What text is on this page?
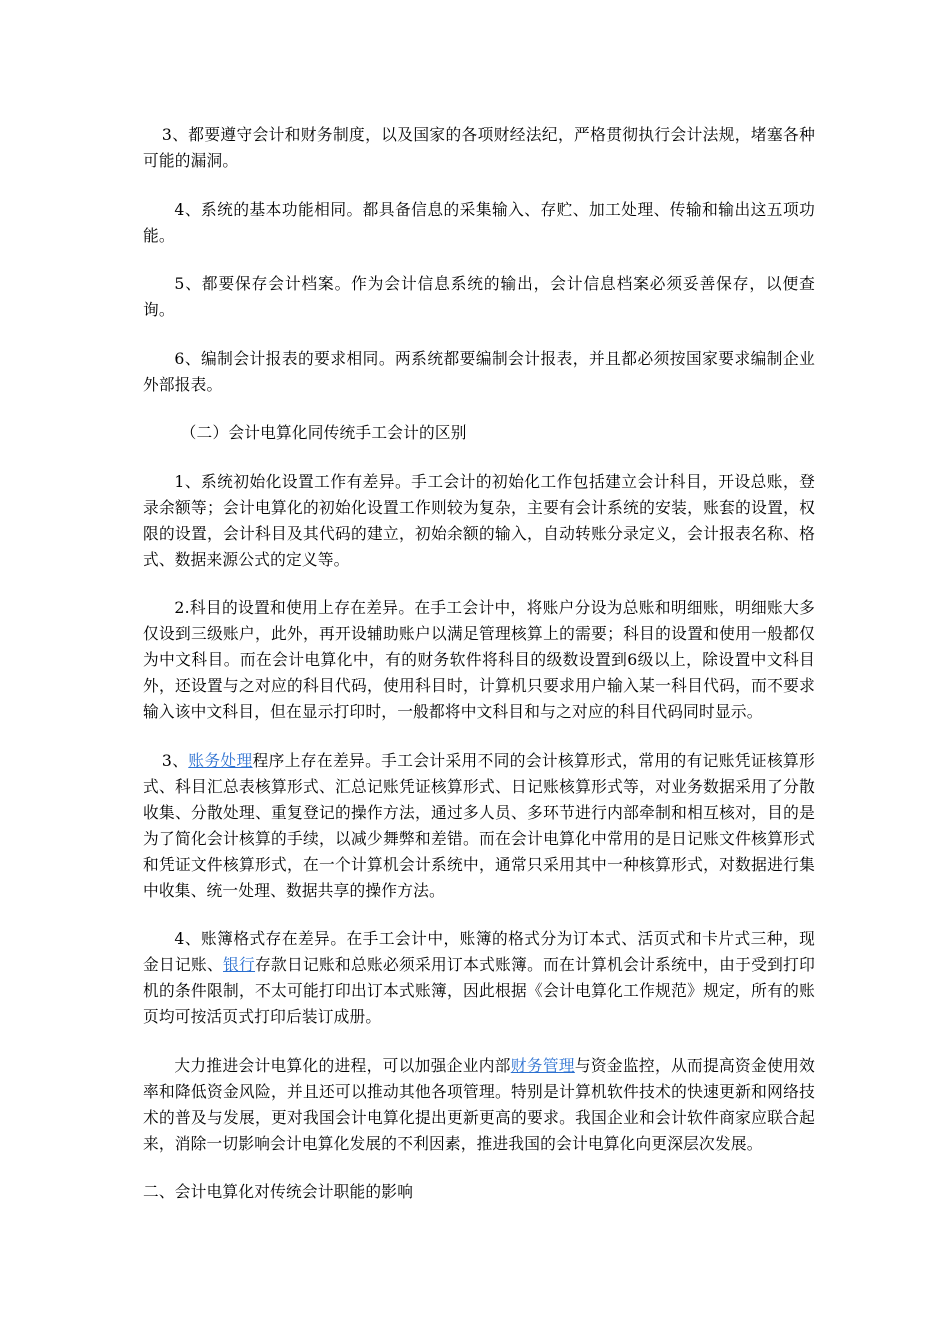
3、都要遵守会计和财务制度，以及国家的各项财经法纪，严格贯彻执行会计法规，堵塞各种可能的漏洞。

4、系统的基本功能相同。都具备信息的采集输入、存贮、加工处理、传输和输出这五项功能。

5、都要保存会计档案。作为会计信息系统的输出，会计信息档案必须妥善保存，以便查询。

6、编制会计报表的要求相同。两系统都要编制会计报表，并且都必须按国家要求编制企业外部报表。

（二）会计电算化同传统手工会计的区别

1、系统初始化设置工作有差异。手工会计的初始化工作包括建立会计科目，开设总账，登录余额等；会计电算化的初始化设置工作则较为复杂，主要有会计系统的安装，账套的设置，权限的设置，会计科目及其代码的建立，初始余额的输入，自动转账分录定义，会计报表名称、格式、数据来源公式的定义等。

2.科目的设置和使用上存在差异。在手工会计中，将账户分设为总账和明细账，明细账大多仅设到三级账户，此外，再开设辅助账户以满足管理核算上的需要；科目的设置和使用一般都仅为中文科目。而在会计电算化中，有的财务软件将科目的级数设置到6级以上，除设置中文科目外，还设置与之对应的科目代码，使用科目时，计算机只要求用户输入某一科目代码，而不要求输入该中文科目，但在显示打印时，一般都将中文科目和与之对应的科目代码同时显示。

3、账务处理程序上存在差异。手工会计采用不同的会计核算形式，常用的有记账凭证核算形式、科目汇总表核算形式、汇总记账凭证核算形式、日记账核算形式等，对业务数据采用了分散收集、分散处理、重复登记的操作方法，通过多人员、多环节进行内部牵制和相互核对，目的是为了简化会计核算的手续，以减少舞弊和差错。而在会计电算化中常用的是日记账文件核算形式和凭证文件核算形式，在一个计算机会计系统中，通常只采用其中一种核算形式，对数据进行集中收集、统一处理、数据共享的操作方法。

4、账簿格式存在差异。在手工会计中，账簿的格式分为订本式、活页式和卡片式三种，现金日记账、银行存款日记账和总账必须采用订本式账簿。而在计算机会计系统中，由于受到打印机的条件限制，不太可能打印出订本式账簿，因此根据《会计电算化工作规范》规定，所有的账页均可按活页式打印后装订成册。

大力推进会计电算化的进程，可以加强企业内部财务管理与资金监控，从而提高资金使用效率和降低资金风险，并且还可以推动其他各项管理。特别是计算机软件技术的快速更新和网络技术的普及与发展，更对我国会计电算化提出更新更高的要求。我国企业和会计软件商家应联合起来，消除一切影响会计电算化发展的不利因素，推进我国的会计电算化向更深层次发展。

二、会计电算化对传统会计职能的影响
